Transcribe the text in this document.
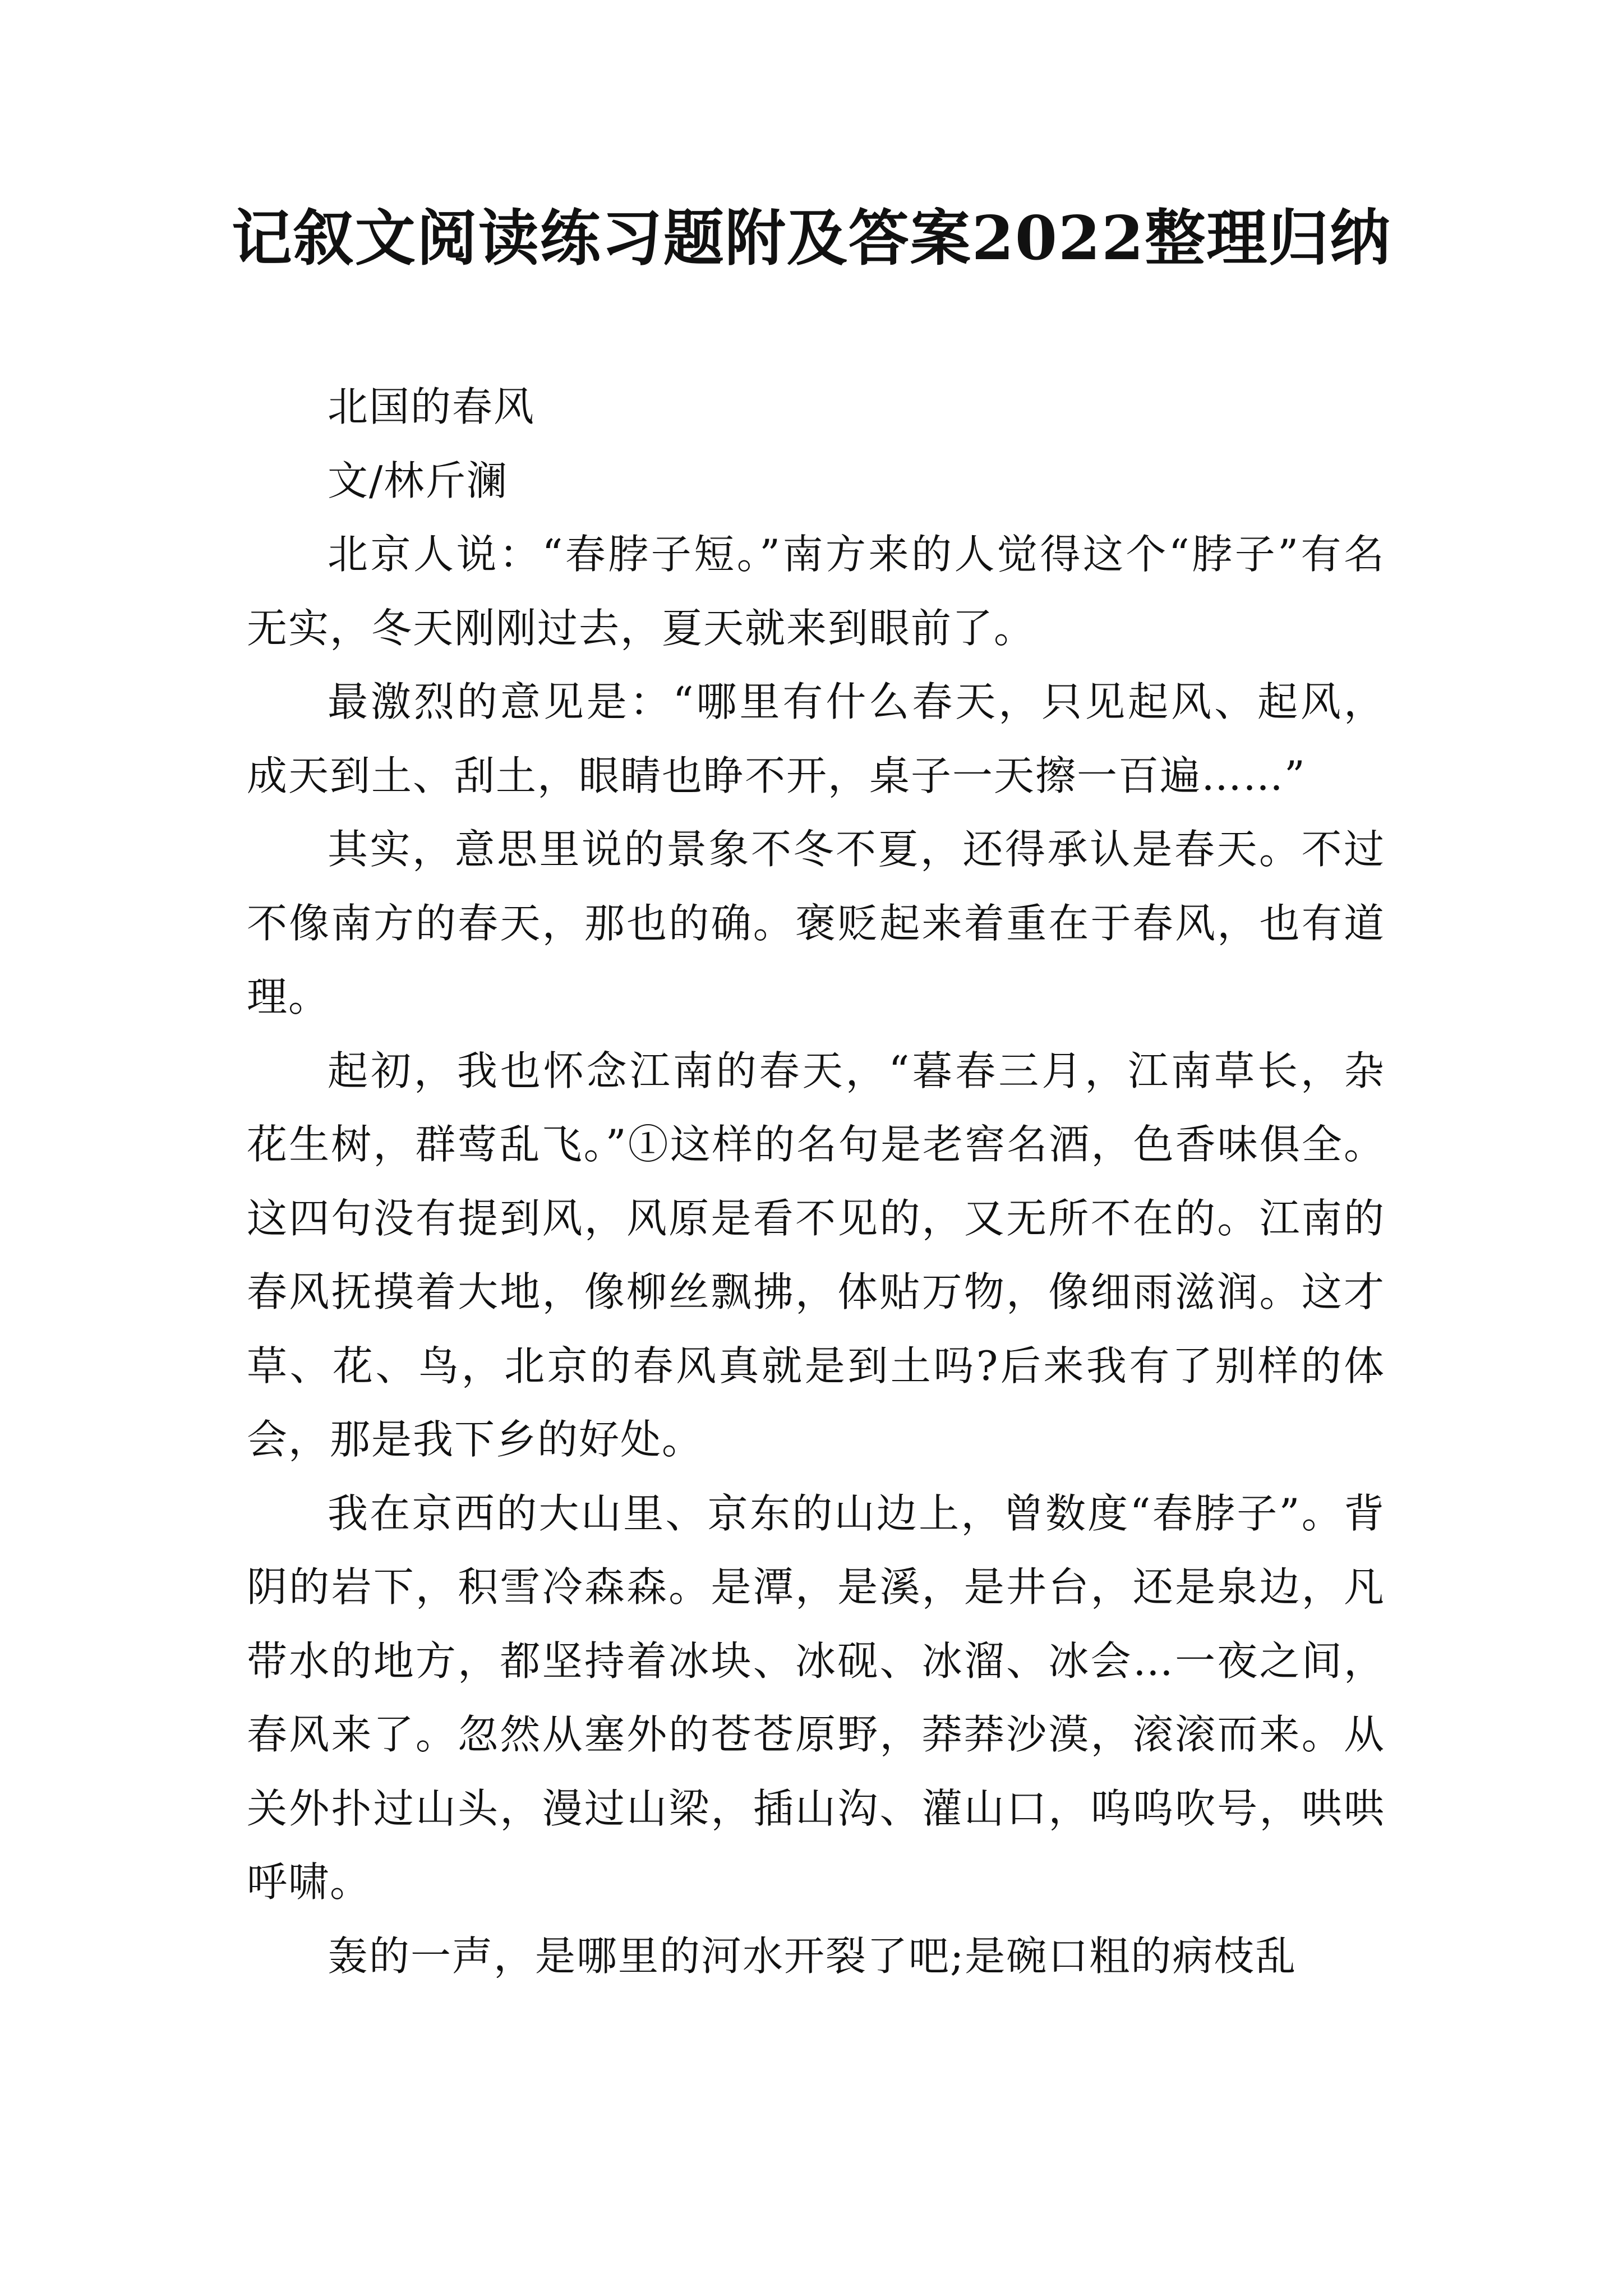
记叙文阅读练习题附及答案2022整理归纳

北国的春风

文/林斤澜

北京人说：“春脖子短。”南方来的人觉得这个“脖子”有名无实，冬天刚刚过去，夏天就来到眼前了。

最激烈的意见是：“哪里有什么春天，只见起风、起风，成天到土、刮土，眼睛也睁不开，桌子一天擦一百遍……”

其实，意思里说的景象不冬不夏，还得承认是春天。不过不像南方的春天，那也的确。褒贬起来着重在于春风，也有道理。

起初，我也怀念江南的春天，“暮春三月，江南草长，杂花生树，群莺乱飞。”①这样的名句是老窖名酒，色香味俱全。这四句没有提到风，风原是看不见的，又无所不在的。江南的春风抚摸着大地，像柳丝飘拂，体贴万物，像细雨滋润。这才草、花、鸟，北京的春风真就是到土吗?后来我有了别样的体会，那是我下乡的好处。

我在京西的大山里、京东的山边上，曾数度“春脖子”。背阴的岩下，积雪冷森森。是潭，是溪，是井台，还是泉边，凡带水的地方，都坚持着冰块、冰砚、冰溜、冰会…一夜之间，春风来了。忽然从塞外的苍苍原野，莽莽沙漠，滚滚而来。从关外扑过山头，漫过山梁，插山沟、灌山口，呜呜吹号，哄哄呼啸。

轰的一声，是哪里的河水开裂了吧;是碗口粗的病枝乱
